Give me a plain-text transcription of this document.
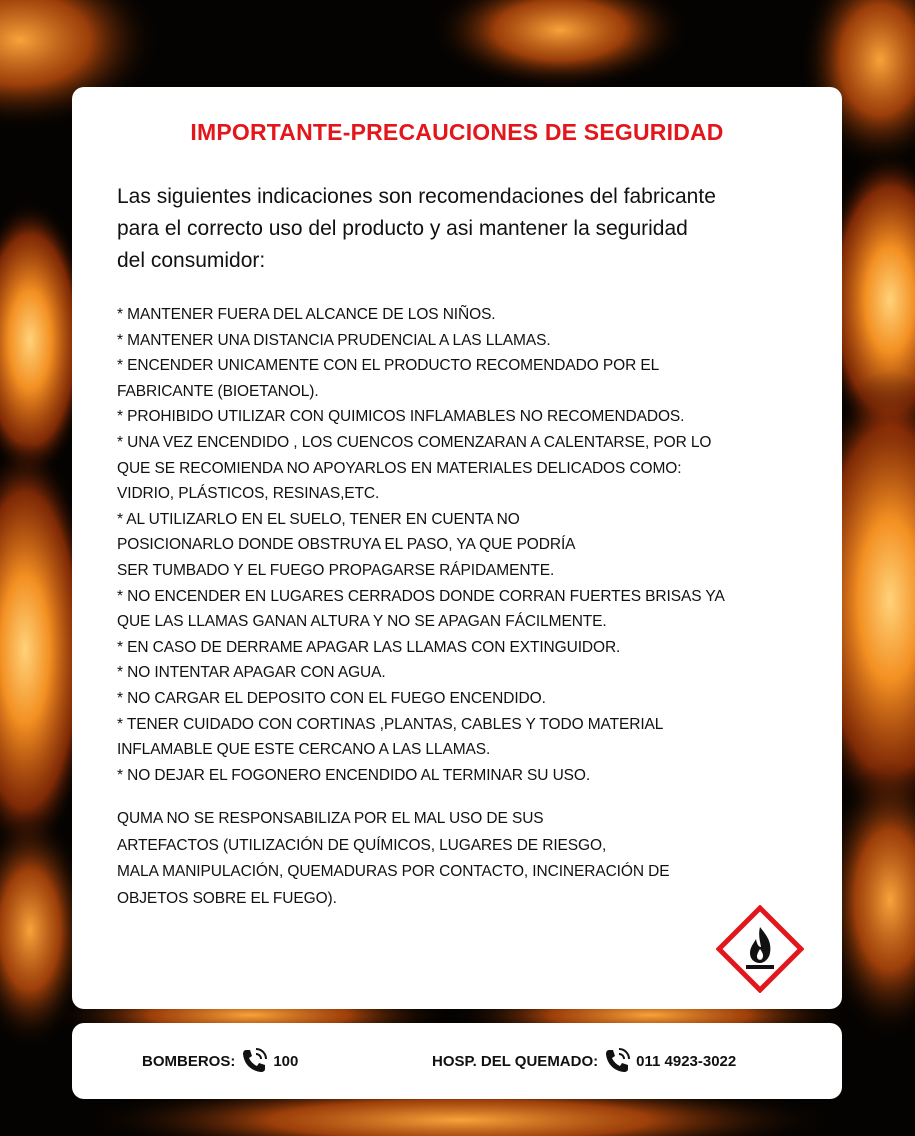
IMPORTANTE-PRECAUCIONES DE SEGURIDAD

Las siguientes indicaciones son recomendaciones del fabricante
para el correcto uso del producto y asi mantener la seguridad
del consumidor:

* MANTENER FUERA DEL ALCANCE DE LOS NIÑOS.
* MANTENER UNA DISTANCIA PRUDENCIAL A LAS LLAMAS.
* ENCENDER UNICAMENTE CON EL PRODUCTO RECOMENDADO POR EL
FABRICANTE (BIOETANOL).
* PROHIBIDO UTILIZAR CON QUIMICOS INFLAMABLES NO RECOMENDADOS.
* UNA VEZ ENCENDIDO , LOS CUENCOS COMENZARAN A CALENTARSE, POR LO
QUE SE RECOMIENDA NO APOYARLOS EN MATERIALES DELICADOS COMO:
VIDRIO, PLÁSTICOS, RESINAS,ETC.
* AL UTILIZARLO EN EL SUELO, TENER EN CUENTA NO
POSICIONARLO DONDE OBSTRUYA EL PASO, YA QUE PODRÍA
SER TUMBADO Y EL FUEGO PROPAGARSE RÁPIDAMENTE.
* NO ENCENDER EN LUGARES CERRADOS DONDE CORRAN FUERTES BRISAS YA
QUE LAS LLAMAS GANAN ALTURA Y NO SE APAGAN FÁCILMENTE.
* EN CASO DE DERRAME APAGAR LAS LLAMAS CON EXTINGUIDOR.
* NO INTENTAR APAGAR CON AGUA.
* NO CARGAR EL DEPOSITO CON EL FUEGO ENCENDIDO.
* TENER CUIDADO CON CORTINAS ,PLANTAS, CABLES Y TODO MATERIAL
INFLAMABLE QUE ESTE CERCANO A LAS LLAMAS.
* NO DEJAR EL FOGONERO ENCENDIDO AL TERMINAR SU USO.

QUMA NO SE RESPONSABILIZA POR EL MAL USO DE SUS
ARTEFACTOS (UTILIZACIÓN DE QUÍMICOS, LUGARES DE RIESGO,
MALA MANIPULACIÓN, QUEMADURAS POR CONTACTO, INCINERACIÓN DE
OBJETOS SOBRE EL FUEGO).

BOMBEROS:	100	HOSP. DEL QUEMADO:	011 4923-3022
